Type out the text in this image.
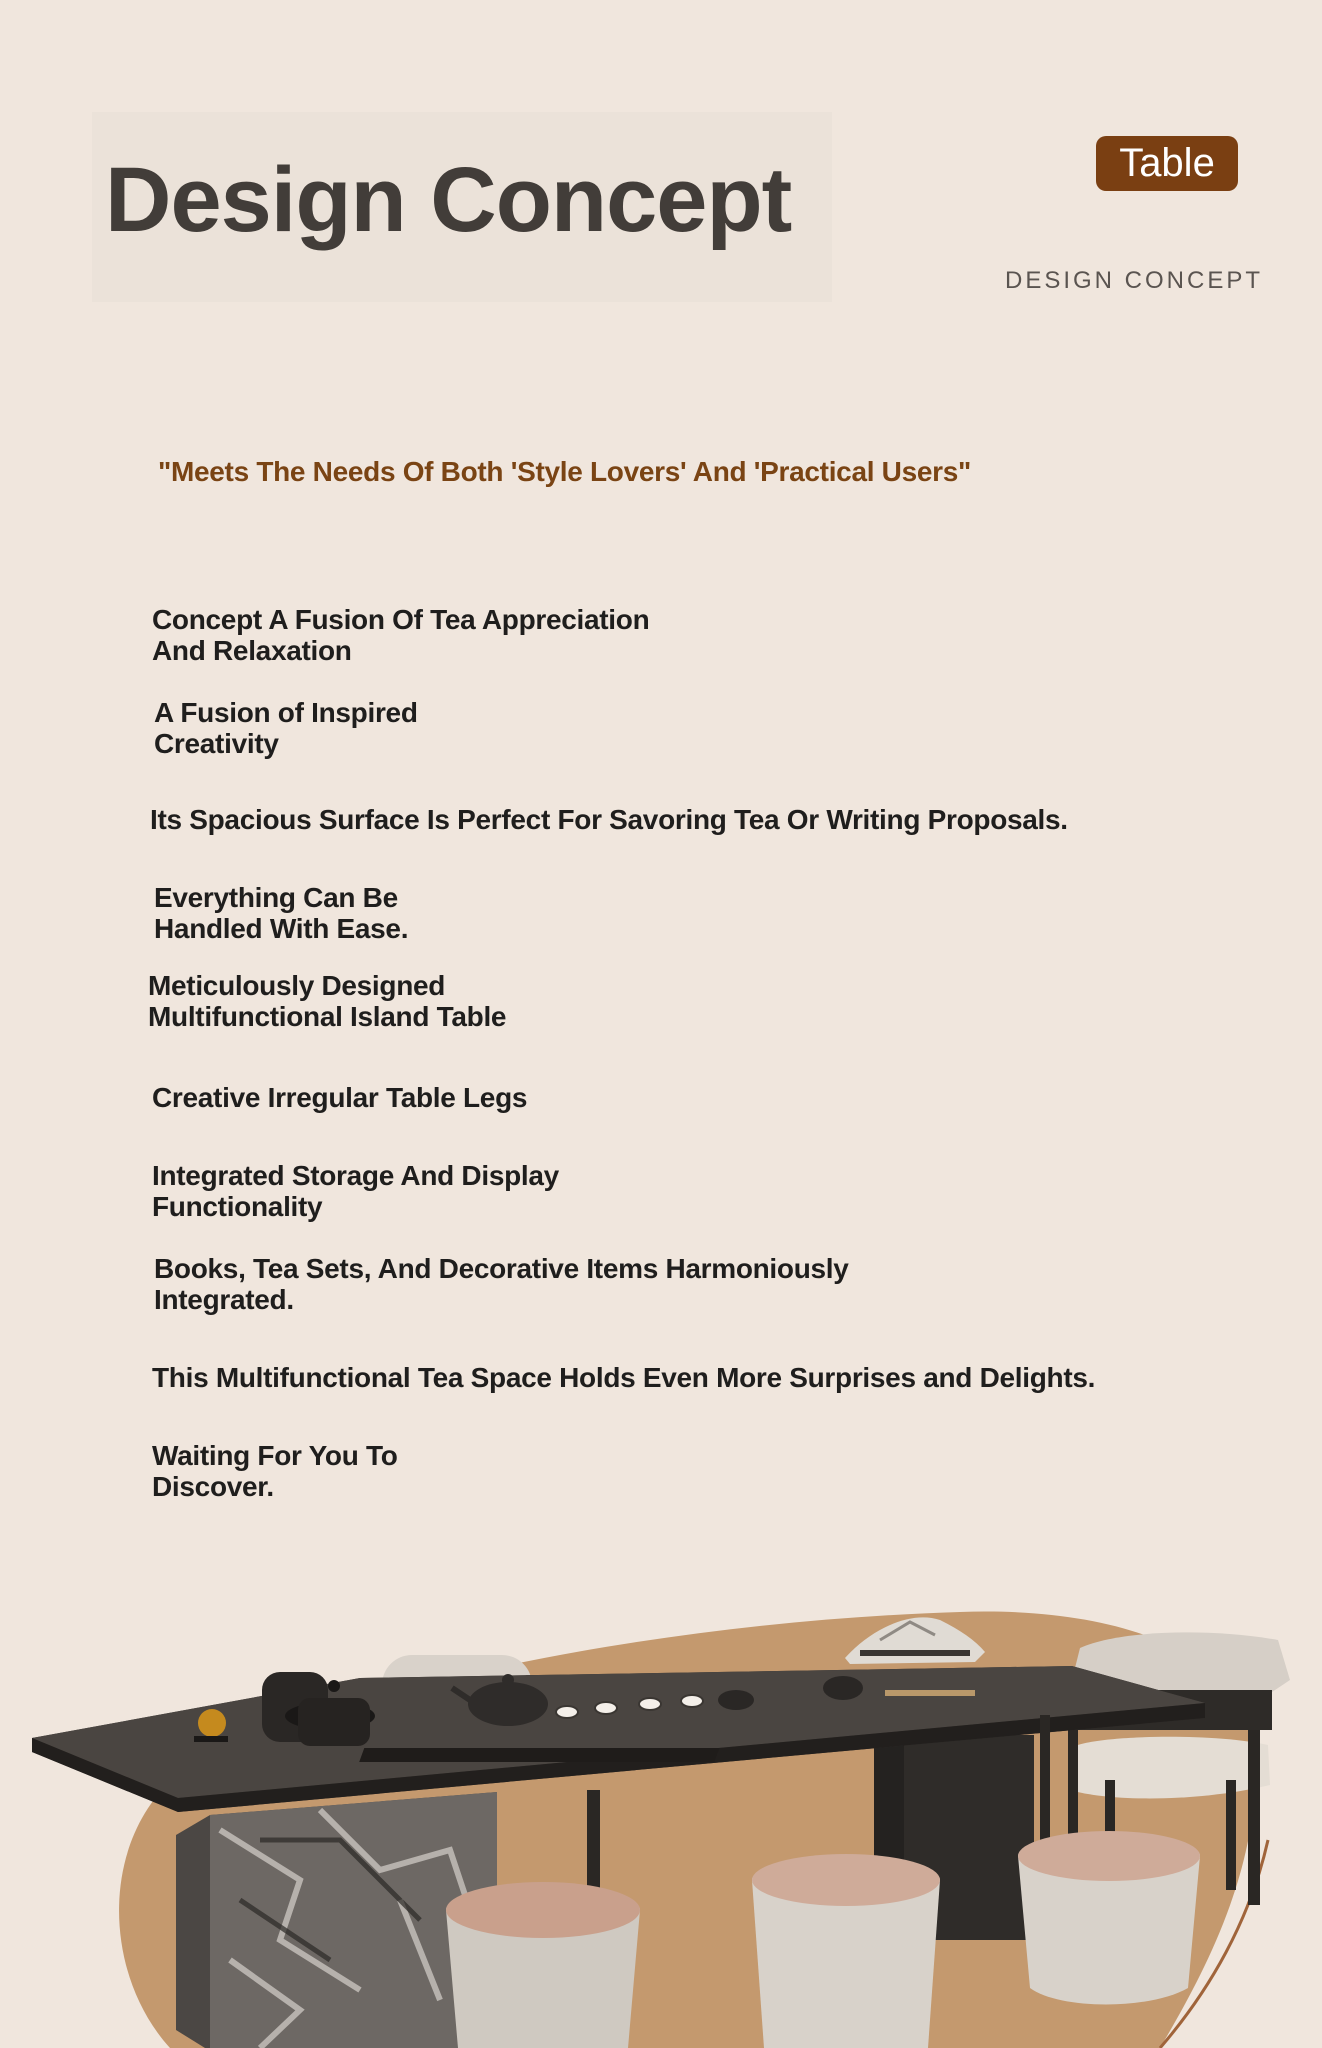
Design Concept	Table
DESIGN CONCEPT

"Meets The Needs Of Both 'Style Lovers' And 'Practical Users"

Concept A Fusion Of Tea Appreciation
And Relaxation

A Fusion of Inspired
Creativity

Its Spacious Surface Is Perfect For Savoring Tea Or Writing Proposals.

Everything Can Be
Handled With Ease.

Meticulously Designed
Multifunctional Island Table

Creative Irregular Table Legs

Integrated Storage And Display
Functionality

Books, Tea Sets, And Decorative Items Harmoniously
Integrated.

This Multifunctional Tea Space Holds Even More Surprises and Delights.

Waiting For You To
Discover.
